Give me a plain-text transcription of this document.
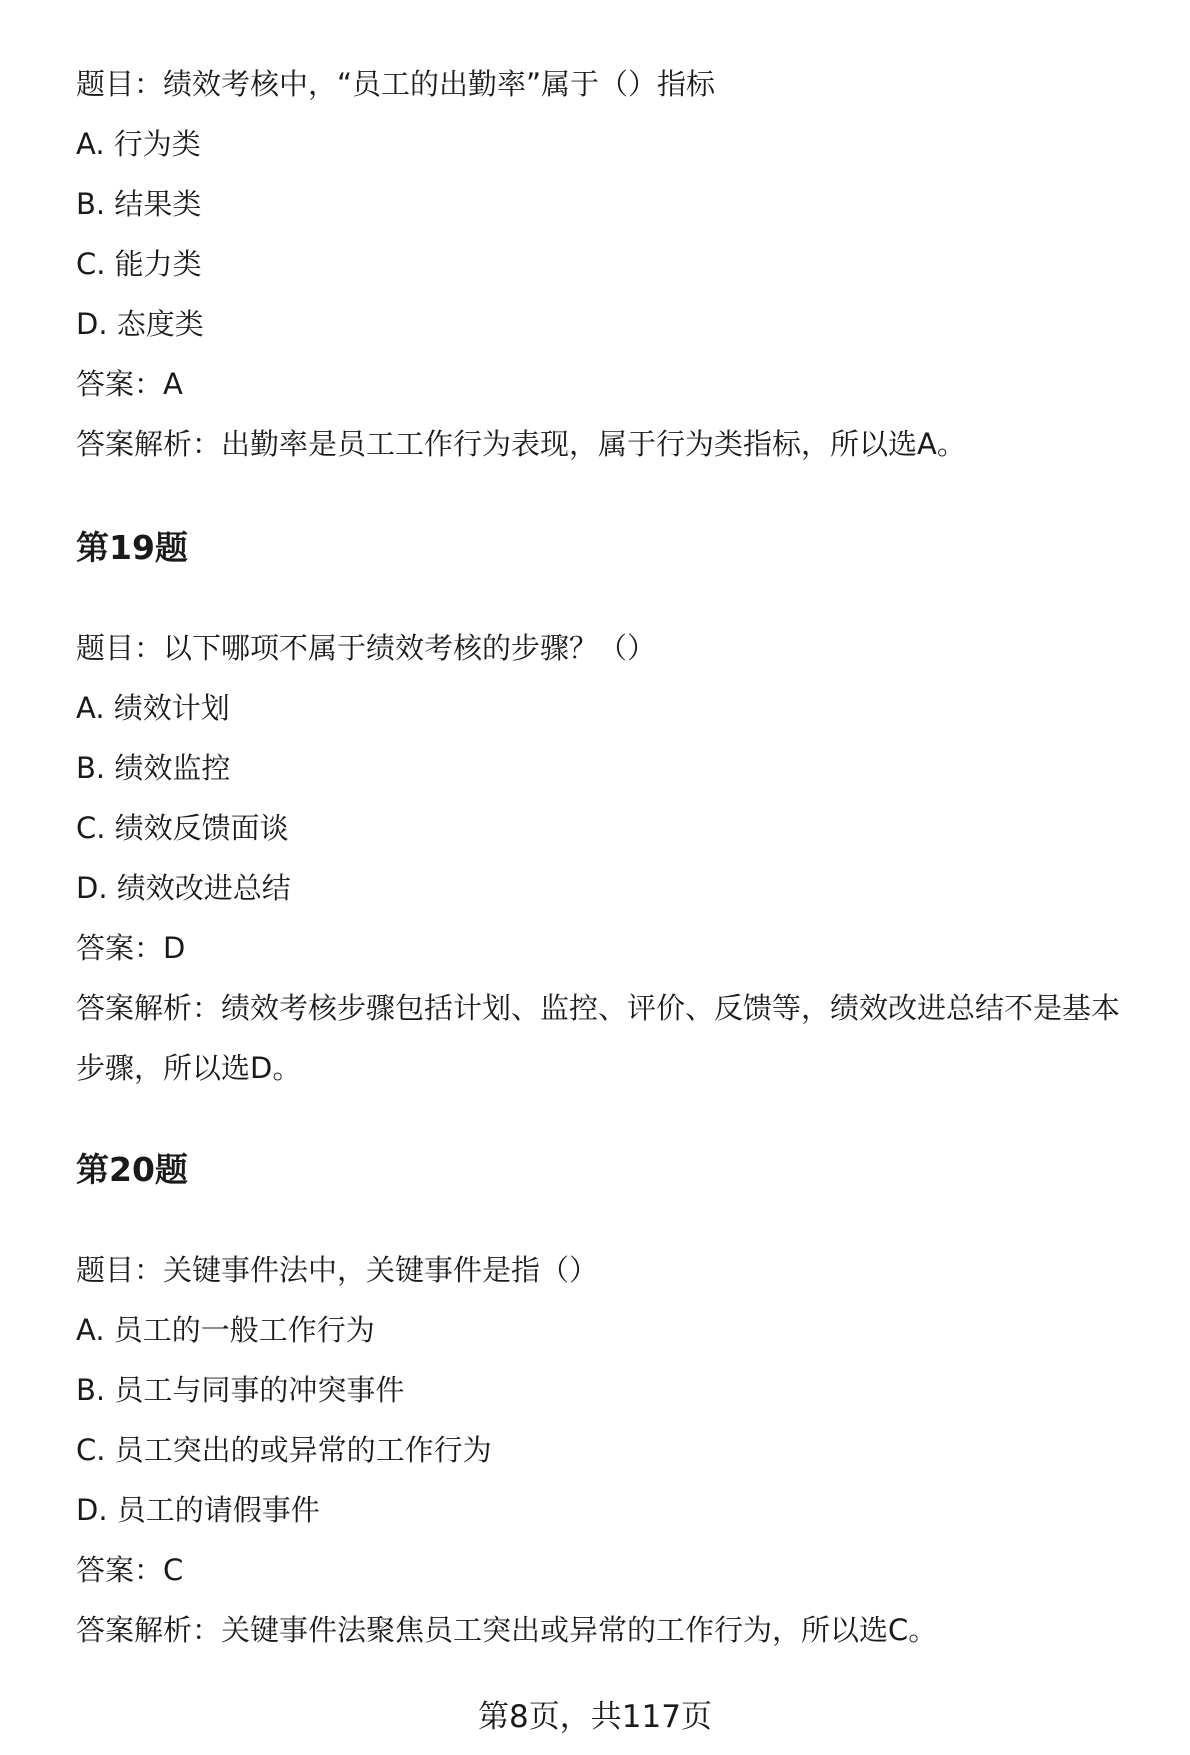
题目：绩效考核中，“员工的出勤率”属于（）指标
A. 行为类
B. 结果类
C. 能力类
D. 态度类
答案：A
答案解析：出勤率是员工工作行为表现，属于行为类指标，所以选A。
第19题
题目：以下哪项不属于绩效考核的步骤？（）
A. 绩效计划
B. 绩效监控
C. 绩效反馈面谈
D. 绩效改进总结
答案：D
答案解析：绩效考核步骤包括计划、监控、评价、反馈等，绩效改进总结不是基本
步骤，所以选D。
第20题
题目：关键事件法中，关键事件是指（）
A. 员工的一般工作行为
B. 员工与同事的冲突事件
C. 员工突出的或异常的工作行为
D. 员工的请假事件
答案：C
答案解析：关键事件法聚焦员工突出或异常的工作行为，所以选C。
第8页，共117页
